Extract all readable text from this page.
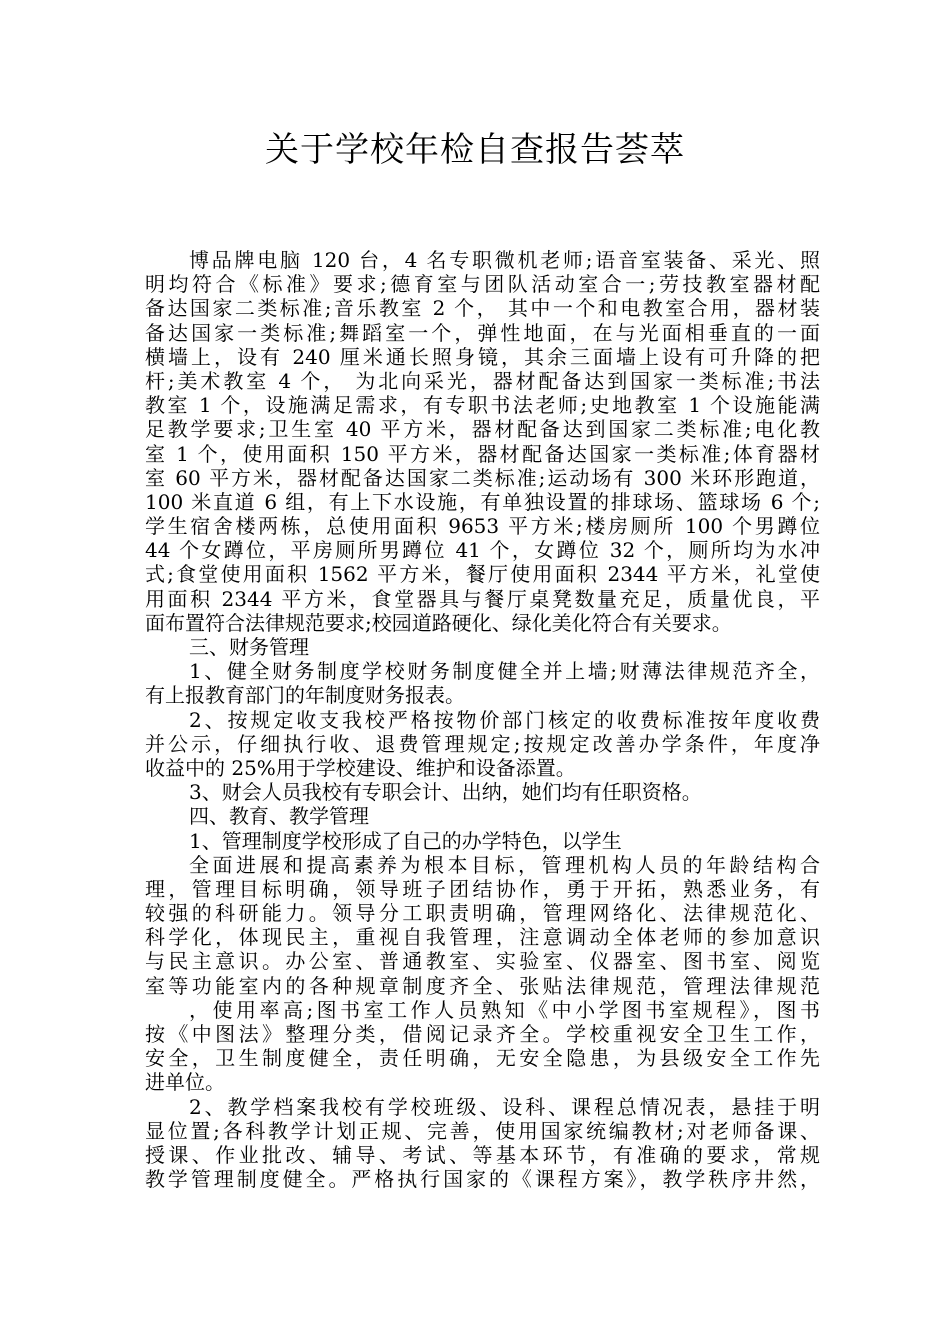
关于学校年检自查报告荟萃
博品牌电脑 120 台，4 名专职微机老师;语音室装备、采光、照
明均符合《标准》要求;德育室与团队活动室合一;劳技教室器材配
备达国家二类标准;音乐教室 2 个， 其中一个和电教室合用，器材装
备达国家一类标准;舞蹈室一个，弹性地面，在与光面相垂直的一面
横墙上，设有 240 厘米通长照身镜，其余三面墙上设有可升降的把
杆;美术教室 4 个， 为北向采光，器材配备达到国家一类标准;书法
教室 1 个，设施满足需求，有专职书法老师;史地教室 1 个设施能满
足教学要求;卫生室 40 平方米，器材配备达到国家二类标准;电化教
室 1 个，使用面积 150 平方米，器材配备达国家一类标准;体育器材
室 60 平方米，器材配备达国家二类标准;运动场有 300 米环形跑道，
100 米直道 6 组，有上下水设施，有单独设置的排球场、篮球场 6 个;
学生宿舍楼两栋，总使用面积 9653 平方米;楼房厕所 100 个男蹲位
44 个女蹲位，平房厕所男蹲位 41 个，女蹲位 32 个，厕所均为水冲
式;食堂使用面积 1562 平方米，餐厅使用面积 2344 平方米，礼堂使
用面积 2344 平方米，食堂器具与餐厅桌凳数量充足，质量优良，平
面布置符合法律规范要求;校园道路硬化、绿化美化符合有关要求。
三、财务管理
1、健全财务制度学校财务制度健全并上墙;财薄法律规范齐全，
有上报教育部门的年制度财务报表。
2、按规定收支我校严格按物价部门核定的收费标准按年度收费
并公示，仔细执行收、退费管理规定;按规定改善办学条件，年度净
收益中的 25%用于学校建设、维护和设备添置。
3、财会人员我校有专职会计、出纳，她们均有任职资格。
四、教育、教学管理
1、管理制度学校形成了自己的办学特色，以学生
全面进展和提高素养为根本目标，管理机构人员的年龄结构合
理，管理目标明确，领导班子团结协作，勇于开拓，熟悉业务，有
较强的科研能力。领导分工职责明确，管理网络化、法律规范化、
科学化，体现民主，重视自我管理，注意调动全体老师的参加意识
与民主意识。办公室、普通教室、实验室、仪器室、图书室、阅览
室等功能室内的各种规章制度齐全、张贴法律规范，管理法律规范
，使用率高;图书室工作人员熟知《中小学图书室规程》，图书
按《中图法》整理分类，借阅记录齐全。学校重视安全卫生工作，
安全，卫生制度健全，责任明确，无安全隐患，为县级安全工作先
进单位。
2、教学档案我校有学校班级、设科、课程总情况表，悬挂于明
显位置;各科教学计划正规、完善，使用国家统编教材;对老师备课、
授课、作业批改、辅导、考试、等基本环节，有准确的要求，常规
教学管理制度健全。严格执行国家的《课程方案》，教学秩序井然，
